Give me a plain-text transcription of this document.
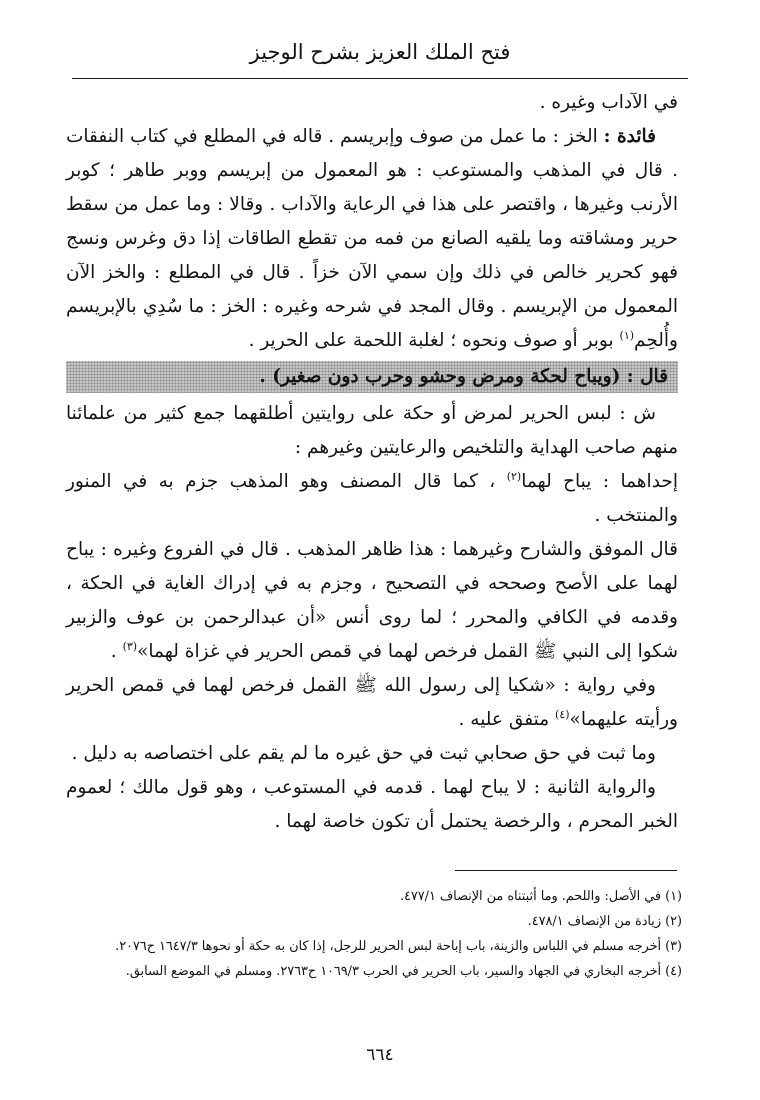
فتح الملك العزيز بشرح الوجيز

في الآداب وغيره .

فائدة : الخز : ما عمل من صوف وإبريسم . قاله في المطلع في كتاب النفقات . قال في المذهب والمستوعب : هو المعمول من إبريسم ووبر طاهر ؛ كوبر الأرنب وغيرها ، واقتصر على هذا في الرعاية والآداب . وقالا : وما عمل من سقط حرير ومشاقته وما يلقيه الصانع من فمه من تقطع الطاقات إذا دق وغرس ونسج فهو كحرير خالص في ذلك وإن سمي الآن خزاً . قال في المطلع : والخز الآن المعمول من الإبريسم . وقال المجد في شرحه وغيره : الخز : ما سُدِي بالإبريسم وأُلحِم$^{(١)}$ بوبر أو صوف ونحوه ؛ لغلبة اللحمة على الحرير .

قال : (ويباح لحكة ومرض وحشو وحرب دون صغير) .

ش : لبس الحرير لمرض أو حكة على روايتين أطلقهما جمع كثير من علمائنا منهم صاحب الهداية والتلخيص والرعايتين وغيرهم :

إحداهما : يباح لهما$^{(٢)}$ ، كما قال المصنف وهو المذهب جزم به في المنور والمنتخب .

قال الموفق والشارح وغيرهما : هذا ظاهر المذهب . قال في الفروع وغيره : يباح لهما على الأصح وصححه في التصحيح ، وجزم به في إدراك الغاية في الحكة ، وقدمه في الكافي والمحرر ؛ لما روى أنس «أن عبدالرحمن بن عوف والزبير شكوا إلى النبي ﷺ القمل فرخص لهما في قمص الحرير في غزاة لهما»$^{(٣)}$ .

وفي رواية : «شكيا إلى رسول الله ﷺ القمل فرخص لهما في قمص الحرير ورأيته عليهما»$^{(٤)}$ متفق عليه .

وما ثبت في حق صحابي ثبت في حق غيره ما لم يقم على اختصاصه به دليل .

والرواية الثانية : لا يباح لهما . قدمه في المستوعب ، وهو قول مالك ؛ لعموم الخبر المحرم ، والرخصة يحتمل أن تكون خاصة لهما .

(١) في الأصل: واللحم. وما أثبتناه من الإنصاف ٤٧٧/١.

(٢) زيادة من الإنصاف ٤٧٨/١.

(٣) أخرجه مسلم في اللباس والزينة، باب إباحة لبس الحرير للرجل، إذا كان به حكة أو نحوها ١٦٤٧/٣ ح٢٠٧٦.

(٤) أخرجه البخاري في الجهاد والسير، باب الحرير في الحرب ١٠٦٩/٣ ح٢٧٦٣. ومسلم في الموضع السابق.

٦٦٤
